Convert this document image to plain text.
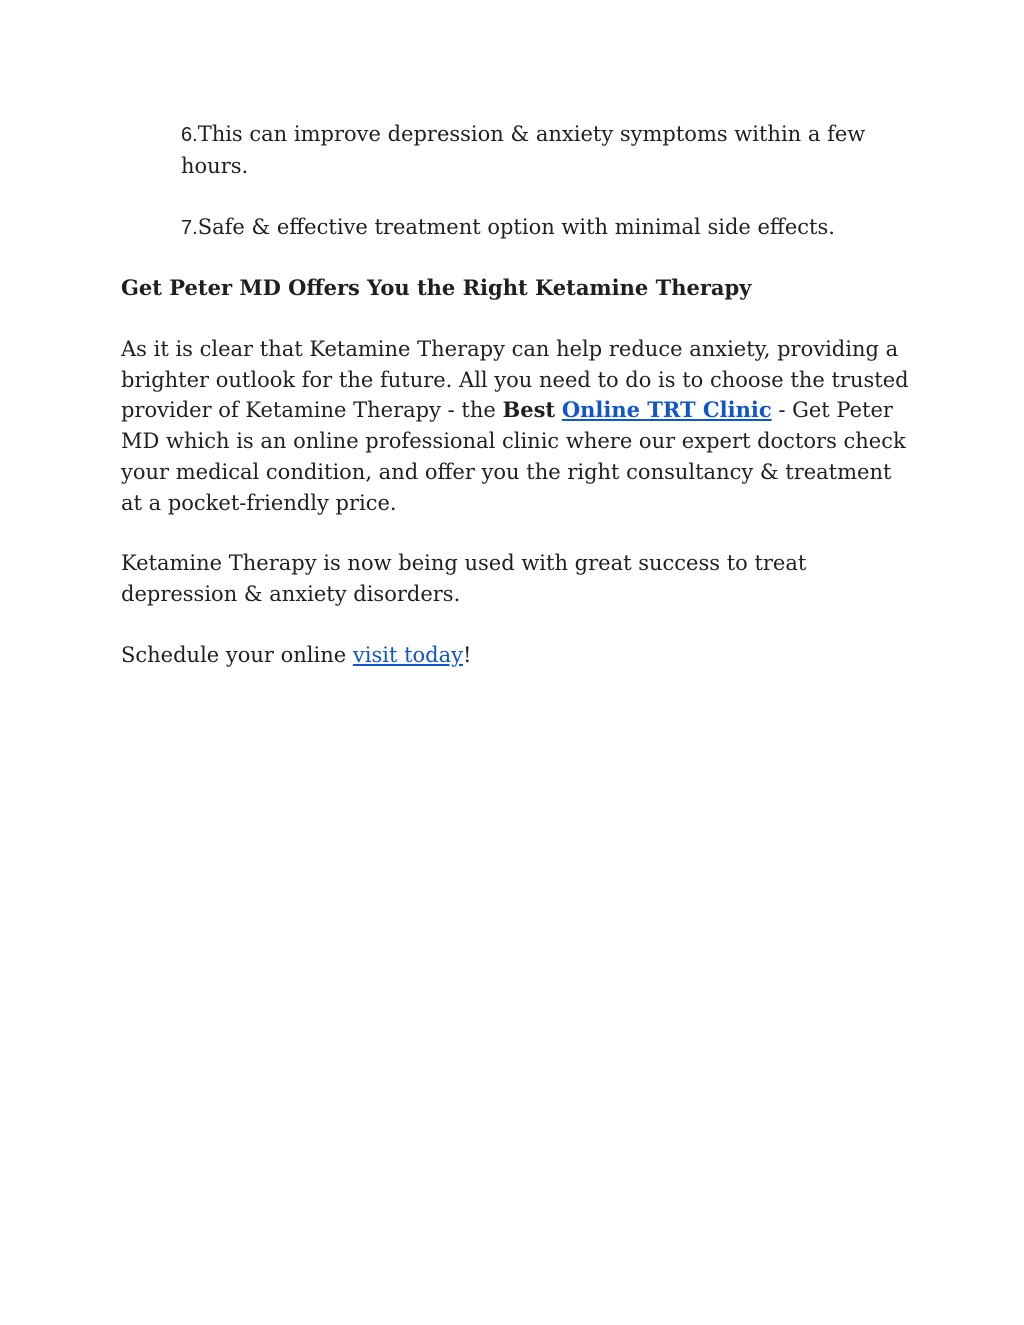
6.This can improve depression & anxiety symptoms within a few hours.
7.Safe & effective treatment option with minimal side effects.
Get Peter MD Offers You the Right Ketamine Therapy
As it is clear that Ketamine Therapy can help reduce anxiety, providing a brighter outlook for the future. All you need to do is to choose the trusted provider of Ketamine Therapy - the Best Online TRT Clinic - Get Peter MD which is an online professional clinic where our expert doctors check your medical condition, and offer you the right consultancy & treatment at a pocket-friendly price.
Ketamine Therapy is now being used with great success to treat depression & anxiety disorders.
Schedule your online visit today!
